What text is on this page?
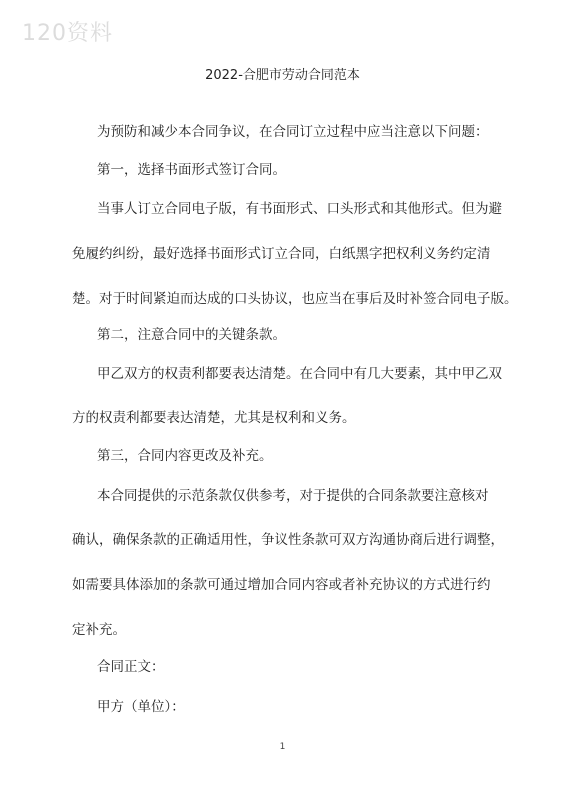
120资料
2022-合肥市劳动合同范本
为预防和减少本合同争议，在合同订立过程中应当注意以下问题：
第一，选择书面形式签订合同。
当事人订立合同电子版，有书面形式、口头形式和其他形式。但为避
免履约纠纷，最好选择书面形式订立合同，白纸黑字把权利义务约定清
楚。对于时间紧迫而达成的口头协议，也应当在事后及时补签合同电子版。
第二，注意合同中的关键条款。
甲乙双方的权责利都要表达清楚。在合同中有几大要素，其中甲乙双
方的权责利都要表达清楚，尤其是权利和义务。
第三，合同内容更改及补充。
本合同提供的示范条款仅供参考，对于提供的合同条款要注意核对
确认，确保条款的正确适用性，争议性条款可双方沟通协商后进行调整，
如需要具体添加的条款可通过增加合同内容或者补充协议的方式进行约
定补充。
合同正文：
甲方（单位）：
1
